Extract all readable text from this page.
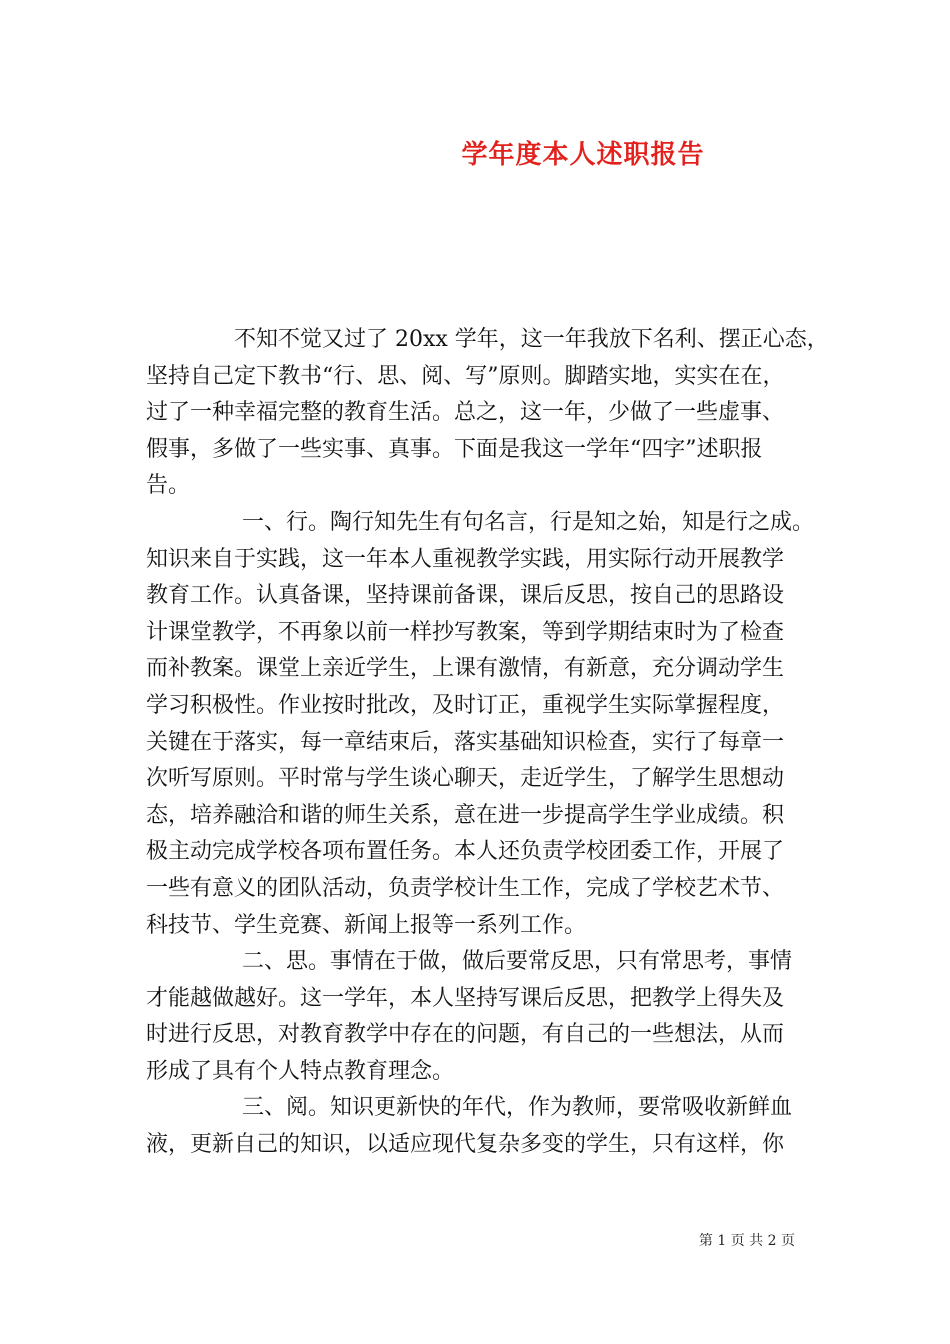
学年度本人述职报告

不知不觉又过了 20xx 学年，这一年我放下名利、摆正心态，
坚持自己定下教书“行、思、阅、写”原则。脚踏实地，实实在在，
过了一种幸福完整的教育生活。总之，这一年，少做了一些虚事、
假事，多做了一些实事、真事。下面是我这一学年“四字”述职报
告。

一、行。陶行知先生有句名言，行是知之始，知是行之成。
知识来自于实践，这一年本人重视教学实践，用实际行动开展教学
教育工作。认真备课，坚持课前备课，课后反思，按自己的思路设
计课堂教学，不再象以前一样抄写教案，等到学期结束时为了检查
而补教案。课堂上亲近学生，上课有激情，有新意，充分调动学生
学习积极性。作业按时批改，及时订正，重视学生实际掌握程度，
关键在于落实，每一章结束后，落实基础知识检查，实行了每章一
次听写原则。平时常与学生谈心聊天，走近学生，了解学生思想动
态，培养融洽和谐的师生关系，意在进一步提高学生学业成绩。积
极主动完成学校各项布置任务。本人还负责学校团委工作，开展了
一些有意义的团队活动，负责学校计生工作，完成了学校艺术节、
科技节、学生竞赛、新闻上报等一系列工作。

二、思。事情在于做，做后要常反思，只有常思考，事情
才能越做越好。这一学年，本人坚持写课后反思，把教学上得失及
时进行反思，对教育教学中存在的问题，有自己的一些想法，从而
形成了具有个人特点教育理念。

三、阅。知识更新快的年代，作为教师，要常吸收新鲜血
液，更新自己的知识，以适应现代复杂多变的学生，只有这样，你

第 1 页 共 2 页
